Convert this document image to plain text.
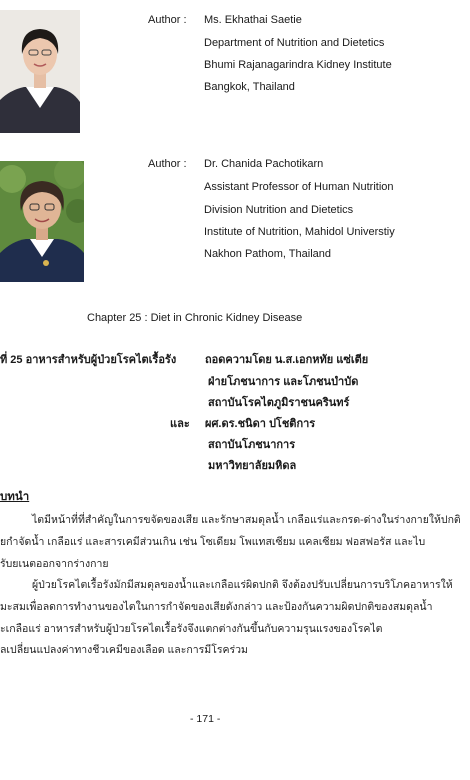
Author : Ms. Ekhathai Saetie
Department of Nutrition and Dietetics
Bhumi Rajanagarindra Kidney Institute
Bangkok, Thailand
Author : Dr. Chanida Pachotikarn
Assistant Professor of Human Nutrition
Division Nutrition and Dietetics
Institute of Nutrition, Mahidol Universtiy
Nakhon Pathom, Thailand
Chapter 25 : Diet in Chronic Kidney Disease
ที่ 25 อาหารสำหรับผู้ป่วยโรคไตเรื้อรัง	ถอดความโดย น.ส.เอกหทัย แซ่เตีย
ฝ่ายโภชนาการ และโภชนบำบัด
สถาบันโรคไตภูมิราชนครินทร์
และ ผศ.ดร.ชนิดา ปโชติการ
สถาบันโภชนาการ
มหาวิทยาลัยมหิดล
บทนำ
ไตมีหน้าที่ที่สำคัญในการขจัดของเสีย และรักษาสมดุลน้ำ เกลือแร่และกรด-ด่างในร่างกายให้ปกติ
ยกำจัดน้ำ เกลือแร่ และสารเคมีส่วนเกิน เช่น โซเดียม โพแทสเซียม แคลเซียม ฟอสฟอรัส และไบ
รับยเนตออกจากร่างกาย
ผู้ป่วยโรคไตเรื้อรังมักมีสมดุลของน้ำและเกลือแร่ผิดปกติ จึงต้องปรับเปลี่ยนการบริโภคอาหารให้
มะสมเพื่อลดการทำงานของไตในการกำจัดของเสียดังกล่าว และป้องกันความผิดปกติของสมดุลน้ำ
ะเกลือแร่ อาหารสำหรับผู้ป่วยโรคไตเรื้อรังจึงแตกต่างกันขึ้นกับความรุนแรงของโรคไต
ลเปลี่ยนแปลงค่าทางชีวเคมีของเลือด และการมีโรคร่วม
- 171 -
